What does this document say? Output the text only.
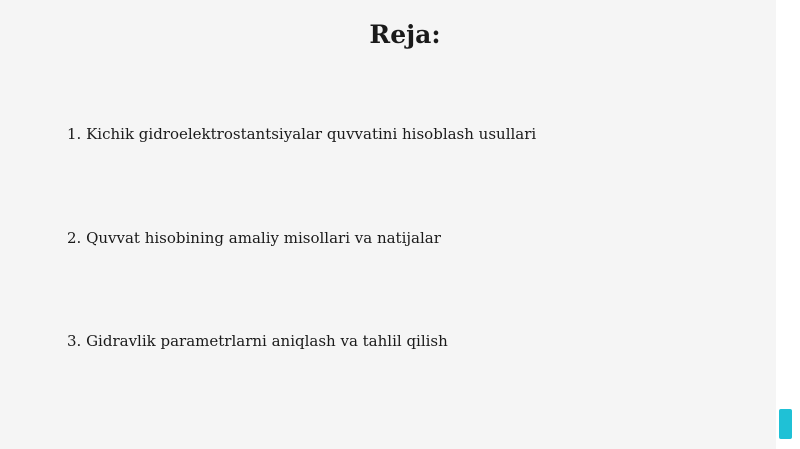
Reja:
1. Kichik gidroelektrostantsiyalar quvvatini hisoblash usullari
2. Quvvat hisobining amaliy misollari va natijalar
3. Gidravlik parametrlarni aniqlash va tahlil qilish
